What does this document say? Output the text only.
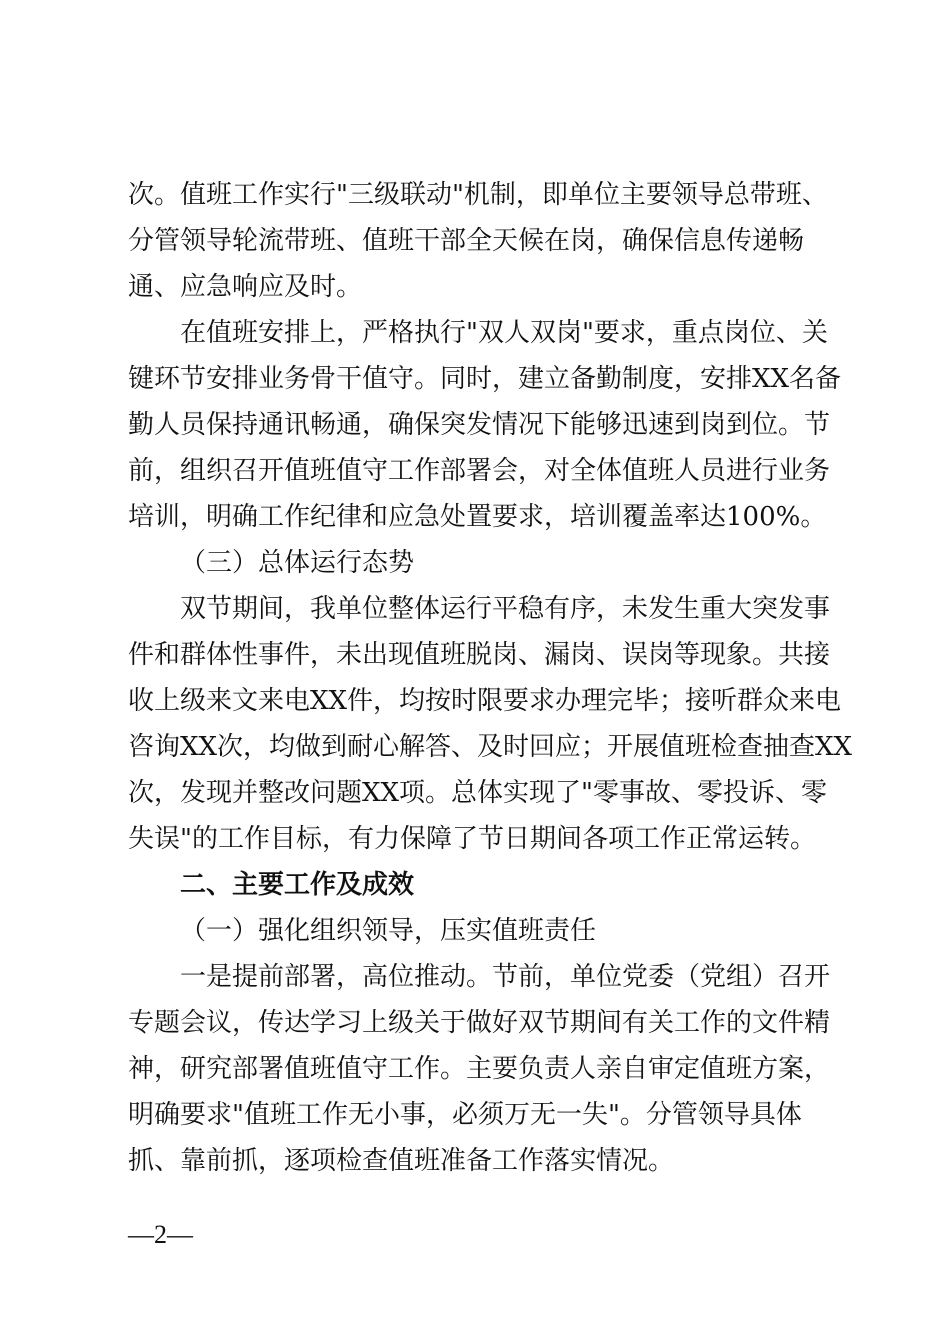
次。值班工作实行"三级联动"机制，即单位主要领导总带班、

分管领导轮流带班、值班干部全天候在岗，确保信息传递畅

通、应急响应及时。

在值班安排上，严格执行"双人双岗"要求，重点岗位、关

键环节安排业务骨干值守。同时，建立备勤制度，安排XX名备

勤人员保持通讯畅通，确保突发情况下能够迅速到岗到位。节

前，组织召开值班值守工作部署会，对全体值班人员进行业务

培训，明确工作纪律和应急处置要求，培训覆盖率达100%。

（三）总体运行态势

双节期间，我单位整体运行平稳有序，未发生重大突发事

件和群体性事件，未出现值班脱岗、漏岗、误岗等现象。共接

收上级来文来电XX件，均按时限要求办理完毕；接听群众来电

咨询XX次，均做到耐心解答、及时回应；开展值班检查抽查XX

次，发现并整改问题XX项。总体实现了"零事故、零投诉、零

失误"的工作目标，有力保障了节日期间各项工作正常运转。

二、主要工作及成效

（一）强化组织领导，压实值班责任

一是提前部署，高位推动。节前，单位党委（党组）召开

专题会议，传达学习上级关于做好双节期间有关工作的文件精

神，研究部署值班值守工作。主要负责人亲自审定值班方案，

明确要求"值班工作无小事，必须万无一失"。分管领导具体

抓、靠前抓，逐项检查值班准备工作落实情况。

—2—
